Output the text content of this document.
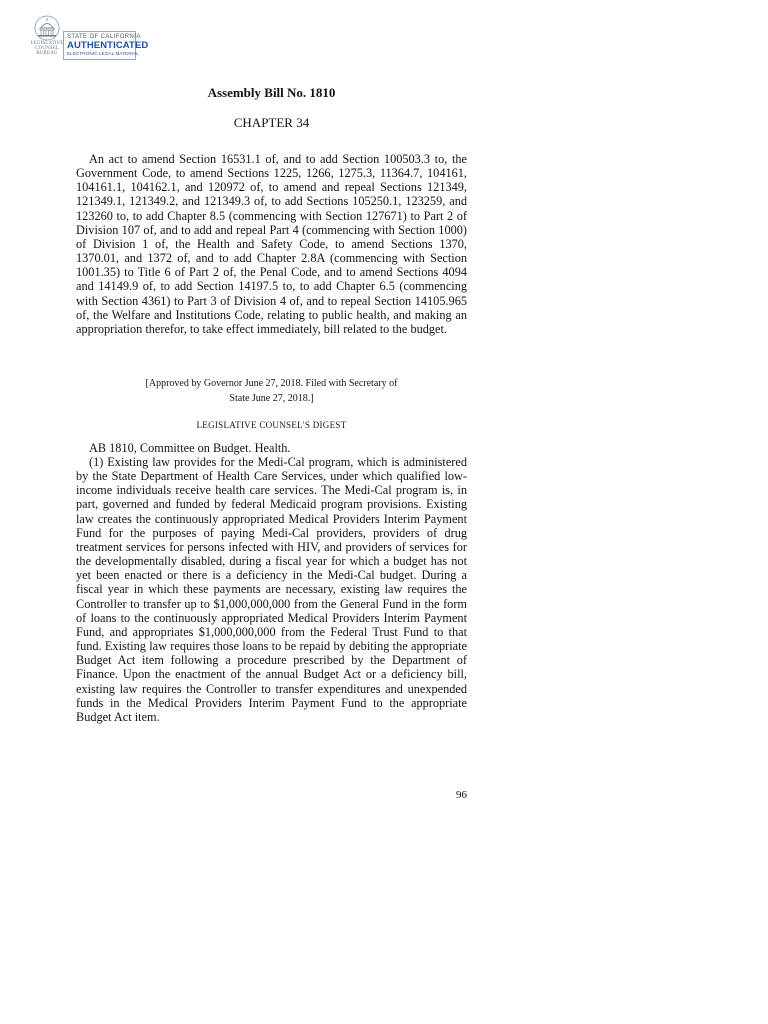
LEGISLATIVE COUNSEL BUREAU
STATE OF CALIFORNIA
AUTHENTICATED
ELECTRONIC LEGAL MATERIAL
Assembly Bill No. 1810
CHAPTER 34

An act to amend Section 16531.1 of, and to add Section 100503.3 to, the Government Code, to amend Sections 1225, 1266, 1275.3, 11364.7, 104161, 104161.1, 104162.1, and 120972 of, to amend and repeal Sections 121349, 121349.1, 121349.2, and 121349.3 of, to add Sections 105250.1, 123259, and 123260 to, to add Chapter 8.5 (commencing with Section 127671) to Part 2 of Division 107 of, and to add and repeal Part 4 (commencing with Section 1000) of Division 1 of, the Health and Safety Code, to amend Sections 1370, 1370.01, and 1372 of, and to add Chapter 2.8A (commencing with Section 1001.35) to Title 6 of Part 2 of, the Penal Code, and to amend Sections 4094 and 14149.9 of, to add Section 14197.5 to, to add Chapter 6.5 (commencing with Section 4361) to Part 3 of Division 4 of, and to repeal Section 14105.965 of, the Welfare and Institutions Code, relating to public health, and making an appropriation therefor, to take effect immediately, bill related to the budget.

[Approved by Governor June 27, 2018. Filed with Secretary of
State June 27, 2018.]
LEGISLATIVE COUNSEL'S DIGEST

AB 1810, Committee on Budget. Health.

(1) Existing law provides for the Medi-Cal program, which is administered by the State Department of Health Care Services, under which qualified low-income individuals receive health care services. The Medi-Cal program is, in part, governed and funded by federal Medicaid program provisions. Existing law creates the continuously appropriated Medical Providers Interim Payment Fund for the purposes of paying Medi-Cal providers, providers of drug treatment services for persons infected with HIV, and providers of services for the developmentally disabled, during a fiscal year for which a budget has not yet been enacted or there is a deficiency in the Medi-Cal budget. During a fiscal year in which these payments are necessary, existing law requires the Controller to transfer up to $1,000,000,000 from the General Fund in the form of loans to the continuously appropriated Medical Providers Interim Payment Fund, and appropriates $1,000,000,000 from the Federal Trust Fund to that fund. Existing law requires those loans to be repaid by debiting the appropriate Budget Act item following a procedure prescribed by the Department of Finance. Upon the enactment of the annual Budget Act or a deficiency bill, existing law requires the Controller to transfer expenditures and unexpended funds in the Medical Providers Interim Payment Fund to the appropriate Budget Act item.

96
